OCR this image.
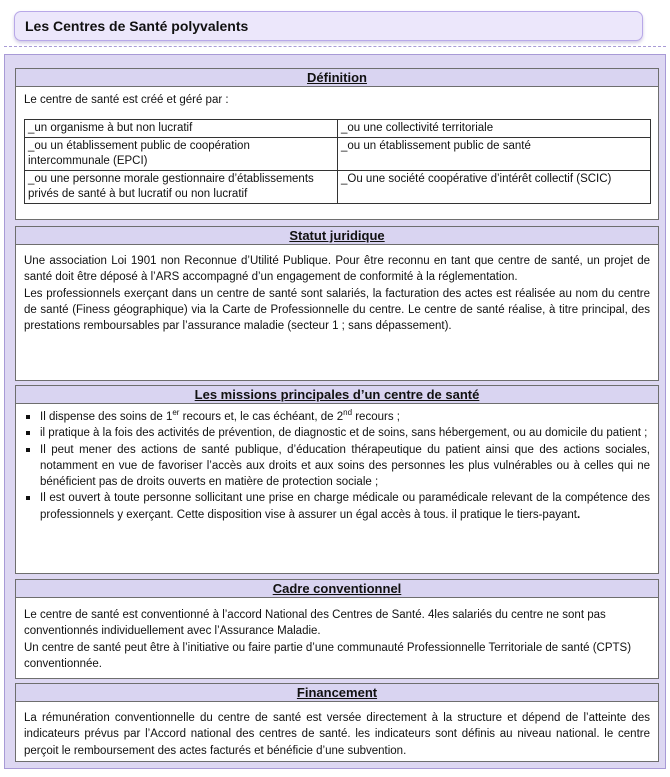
Les Centres de Santé polyvalents
Définition
Le centre de santé est créé et géré par :
_un organisme à but non lucratif	_ou une collectivité territoriale
_ou un établissement public de coopération intercommunale (EPCI)	_ou un établissement public de santé
_ou une personne morale gestionnaire d’établissements privés de santé à but lucratif ou non lucratif	_Ou une société coopérative d’intérêt collectif (SCIC)
Statut juridique

Une association Loi 1901 non Reconnue d’Utilité Publique. Pour être reconnu en tant que centre de santé, un projet de santé doit être déposé à l’ARS accompagné d’un engagement de conformité à la réglementation.

Les professionnels exerçant dans un centre de santé sont salariés, la facturation des actes est réalisée au nom du centre de santé (Finess géographique) via la Carte de Professionnelle du centre. Le centre de santé réalise, à titre principal, des prestations remboursables par l’assurance maladie (secteur 1 ; sans dépassement).

Les missions principales d’un centre de santé
Il dispense des soins de 1er recours et, le cas échéant, de 2nd recours ;
il pratique à la fois des activités de prévention, de diagnostic et de soins, sans hébergement, ou au domicile du patient ;
Il peut mener des actions de santé publique, d’éducation thérapeutique du patient ainsi que des actions sociales, notamment en vue de favoriser l’accès aux droits et aux soins des personnes les plus vulnérables ou à celles qui ne bénéficient pas de droits ouverts en matière de protection sociale ;
Il est ouvert à toute personne sollicitant une prise en charge médicale ou paramédicale relevant de la compétence des professionnels y exerçant. Cette disposition vise à assurer un égal accès à tous. il pratique le tiers-payant.
Cadre conventionnel

Le centre de santé est conventionné à l’accord National des Centres de Santé. 4les salariés du centre ne sont pas conventionnés individuellement avec l’Assurance Maladie.

Un centre de santé peut être à l’initiative ou faire partie d’une communauté Professionnelle Territoriale de santé (CPTS) conventionnée.

Financement

La rémunération conventionnelle du centre de santé est versée directement à la structure et dépend de l’atteinte des indicateurs prévus par l’Accord national des centres de santé. les indicateurs sont définis au niveau national. le centre perçoit le remboursement des actes facturés et bénéficie d’une subvention.
